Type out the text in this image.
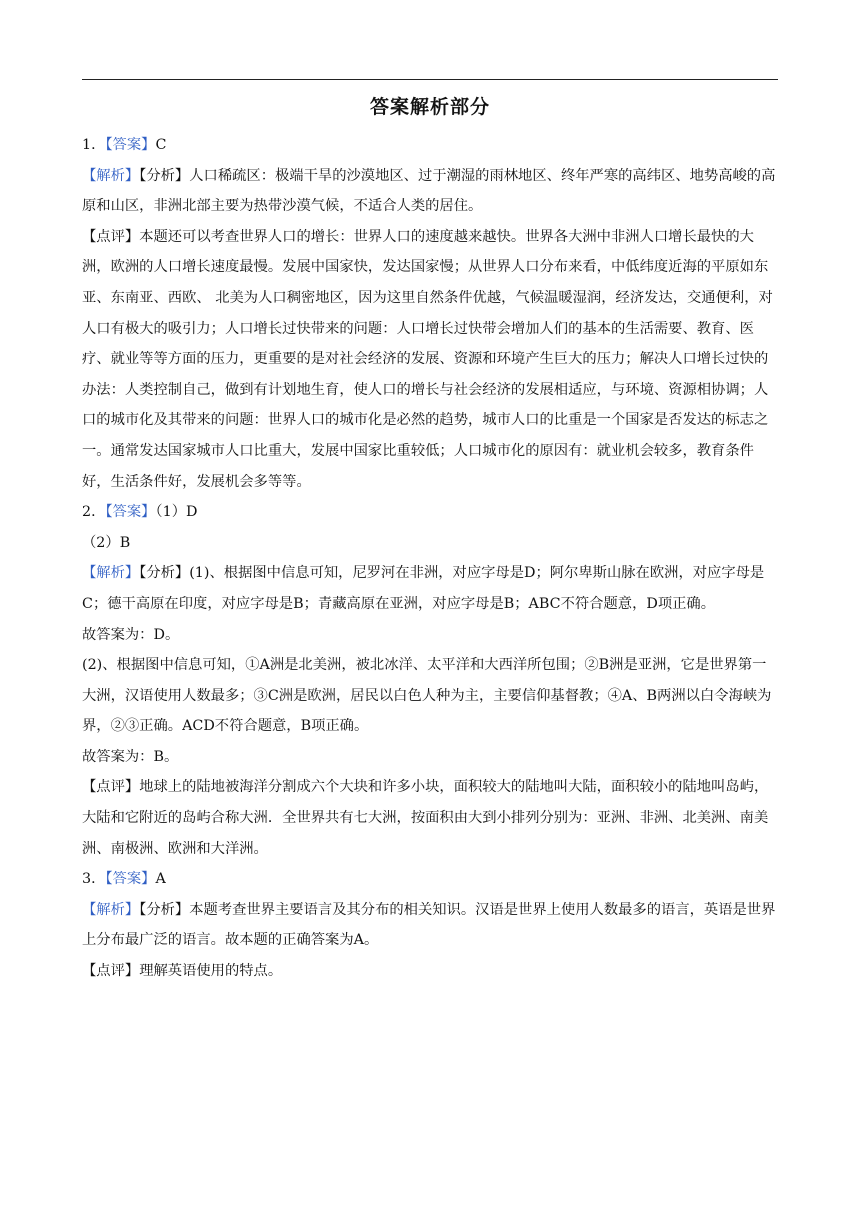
答案解析部分

1．【答案】C

【解析】【分析】人口稀疏区：极端干旱的沙漠地区、过于潮湿的雨林地区、终年严寒的高纬区、地势高峻的高原和山区，非洲北部主要为热带沙漠气候，不适合人类的居住。

【点评】本题还可以考查世界人口的增长：世界人口的速度越来越快。世界各大洲中非洲人口增长最快的大洲，欧洲的人口增长速度最慢。发展中国家快，发达国家慢；从世界人口分布来看，中低纬度近海的平原如东亚、东南亚、西欧、 北美为人口稠密地区，因为这里自然条件优越，气候温暖湿润，经济发达，交通便利，对人口有极大的吸引力；人口增长过快带来的问题：人口增长过快带会增加人们的基本的生活需要、教育、医疗、就业等等方面的压力，更重要的是对社会经济的发展、资源和环境产生巨大的压力；解决人口增长过快的办法：人类控制自己，做到有计划地生育，使人口的增长与社会经济的发展相适应，与环境、资源相协调；人口的城市化及其带来的问题：世界人口的城市化是必然的趋势，城市人口的比重是一个国家是否发达的标志之一。通常发达国家城市人口比重大，发展中国家比重较低；人口城市化的原因有：就业机会较多，教育条件好，生活条件好，发展机会多等等。

2．【答案】（1）D

（2）B

【解析】【分析】(1)、根据图中信息可知，尼罗河在非洲，对应字母是D；阿尔卑斯山脉在欧洲，对应字母是C；德干高原在印度，对应字母是B；青藏高原在亚洲，对应字母是B；ABC不符合题意，D项正确。

故答案为：D。

(2)、根据图中信息可知，①A洲是北美洲，被北冰洋、太平洋和大西洋所包围；②B洲是亚洲，它是世界第一大洲，汉语使用人数最多；③C洲是欧洲，居民以白色人种为主，主要信仰基督教；④A、B两洲以白令海峡为界，②③正确。ACD不符合题意，B项正确。

故答案为：B。

【点评】地球上的陆地被海洋分割成六个大块和许多小块，面积较大的陆地叫大陆，面积较小的陆地叫岛屿，大陆和它附近的岛屿合称大洲．全世界共有七大洲，按面积由大到小排列分别为：亚洲、非洲、北美洲、南美洲、南极洲、欧洲和大洋洲。

3．【答案】A

【解析】【分析】本题考查世界主要语言及其分布的相关知识。汉语是世界上使用人数最多的语言，英语是世界上分布最广泛的语言。故本题的正确答案为A。

【点评】理解英语使用的特点。
